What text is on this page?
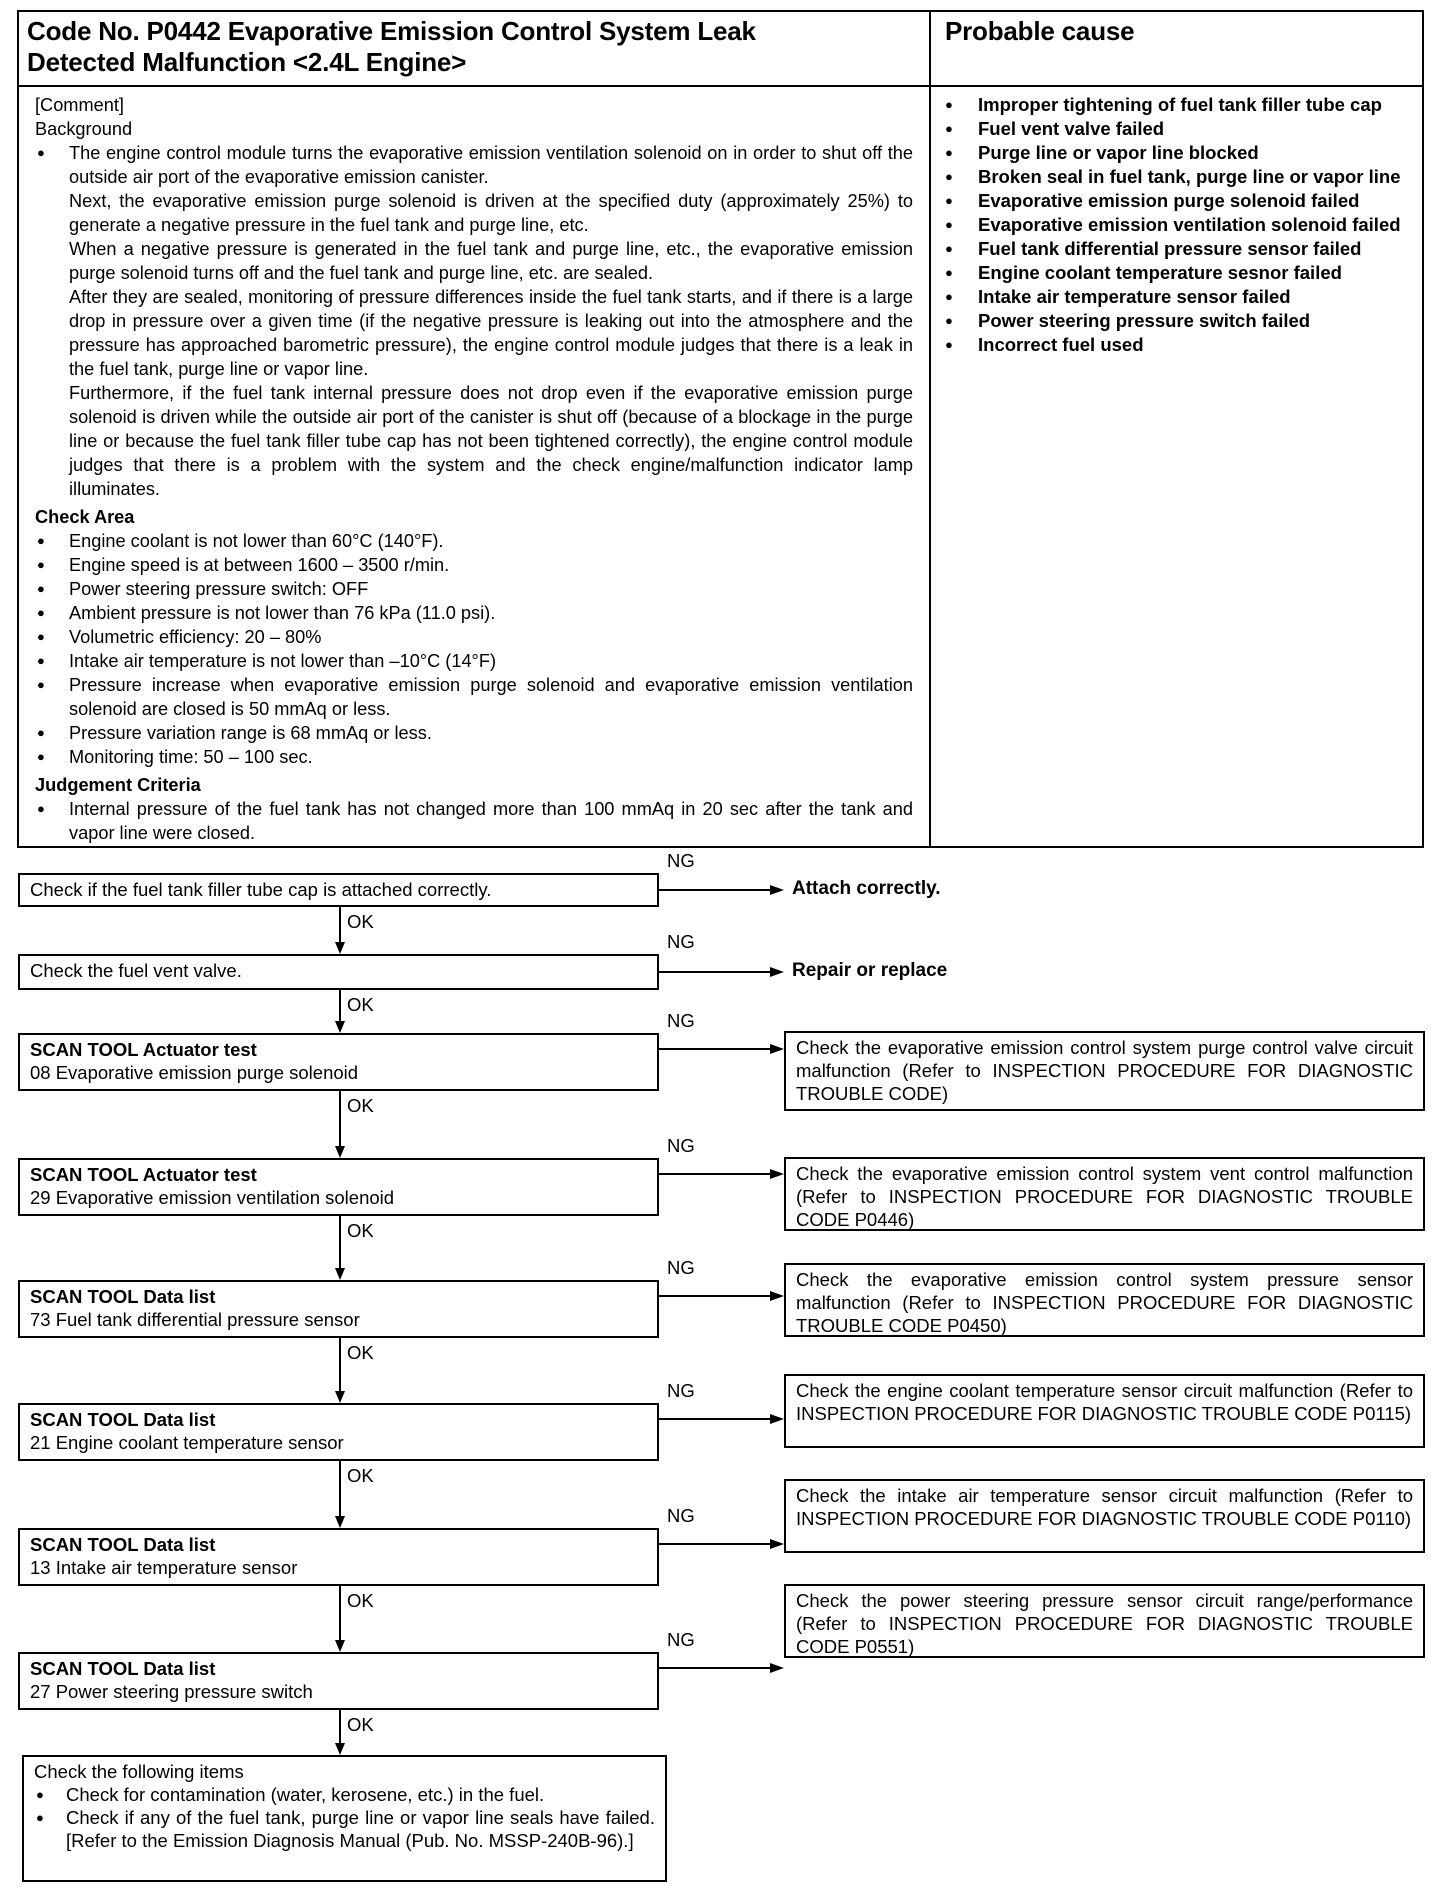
Code No. P0442 Evaporative Emission Control System Leak
Detected Malfunction <2.4L Engine>
Probable cause
[Comment]
Background
● The engine control module turns the evaporative emission ventilation solenoid on in order to shut off the outside air port of the evaporative emission canister.
Next, the evaporative emission purge solenoid is driven at the specified duty (approximately 25%) to generate a negative pressure in the fuel tank and purge line, etc.
When a negative pressure is generated in the fuel tank and purge line, etc., the evaporative emission purge solenoid turns off and the fuel tank and purge line, etc. are sealed.
After they are sealed, monitoring of pressure differences inside the fuel tank starts, and if there is a large drop in pressure over a given time (if the negative pressure is leaking out into the atmosphere and the pressure has approached barometric pressure), the engine control module judges that there is a leak in the fuel tank, purge line or vapor line.
Furthermore, if the fuel tank internal pressure does not drop even if the evaporative emission purge solenoid is driven while the outside air port of the canister is shut off (because of a blockage in the purge line or because the fuel tank filler tube cap has not been tightened correctly), the engine control module judges that there is a problem with the system and the check engine/malfunction indicator lamp illuminates.
Check Area
● Engine coolant is not lower than 60°C (140°F).
● Engine speed is at between 1600 – 3500 r/min.
● Power steering pressure switch: OFF
● Ambient pressure is not lower than 76 kPa (11.0 psi).
● Volumetric efficiency: 20 – 80%
● Intake air temperature is not lower than –10°C (14°F)
● Pressure increase when evaporative emission purge solenoid and evaporative emission ventilation solenoid are closed is 50 mmAq or less.
● Pressure variation range is 68 mmAq or less.
● Monitoring time: 50 – 100 sec.
Judgement Criteria
● Internal pressure of the fuel tank has not changed more than 100 mmAq in 20 sec after the tank and vapor line were closed.
● Improper tightening of fuel tank filler tube cap
● Fuel vent valve failed
● Purge line or vapor line blocked
● Broken seal in fuel tank, purge line or vapor line
● Evaporative emission purge solenoid failed
● Evaporative emission ventilation solenoid failed
● Fuel tank differential pressure sensor failed
● Engine coolant temperature sesnor failed
● Intake air temperature sensor failed
● Power steering pressure switch failed
● Incorrect fuel used
Check if the fuel tank filler tube cap is attached correctly.
NG
Attach correctly.
OK
Check the fuel vent valve.
NG
Repair or replace
OK
SCAN TOOL Actuator test
08 Evaporative emission purge solenoid
NG
Check the evaporative emission control system purge control valve circuit malfunction (Refer to INSPECTION PROCEDURE FOR DIAGNOSTIC TROUBLE CODE)
OK
SCAN TOOL Actuator test
29 Evaporative emission ventilation solenoid
NG
Check the evaporative emission control system vent control malfunction (Refer to INSPECTION PROCEDURE FOR DIAGNOSTIC TROUBLE CODE P0446)
OK
SCAN TOOL Data list
73 Fuel tank differential pressure sensor
NG
Check the evaporative emission control system pressure sensor malfunction (Refer to INSPECTION PROCEDURE FOR DIAGNOSTIC TROUBLE CODE P0450)
OK
SCAN TOOL Data list
21 Engine coolant temperature sensor
NG	Check the engine coolant temperature sensor circuit malfunction (Refer to INSPECTION PROCEDURE FOR DIAGNOSTIC TROUBLE CODE P0115)
OK
SCAN TOOL Data list
13 Intake air temperature sensor
NG
Check the intake air temperature sensor circuit malfunction (Refer to INSPECTION PROCEDURE FOR DIAGNOSTIC TROUBLE CODE P0110)
OK
SCAN TOOL Data list
27 Power steering pressure switch
NG
Check the power steering pressure sensor circuit range/performance (Refer to INSPECTION PROCEDURE FOR DIAGNOSTIC TROUBLE CODE P0551)
OK
Check the following items
● Check for contamination (water, kerosene, etc.) in the fuel.
● Check if any of the fuel tank, purge line or vapor line seals have failed. [Refer to the Emission Diagnosis Manual (Pub. No. MSSP-240B-96).]
